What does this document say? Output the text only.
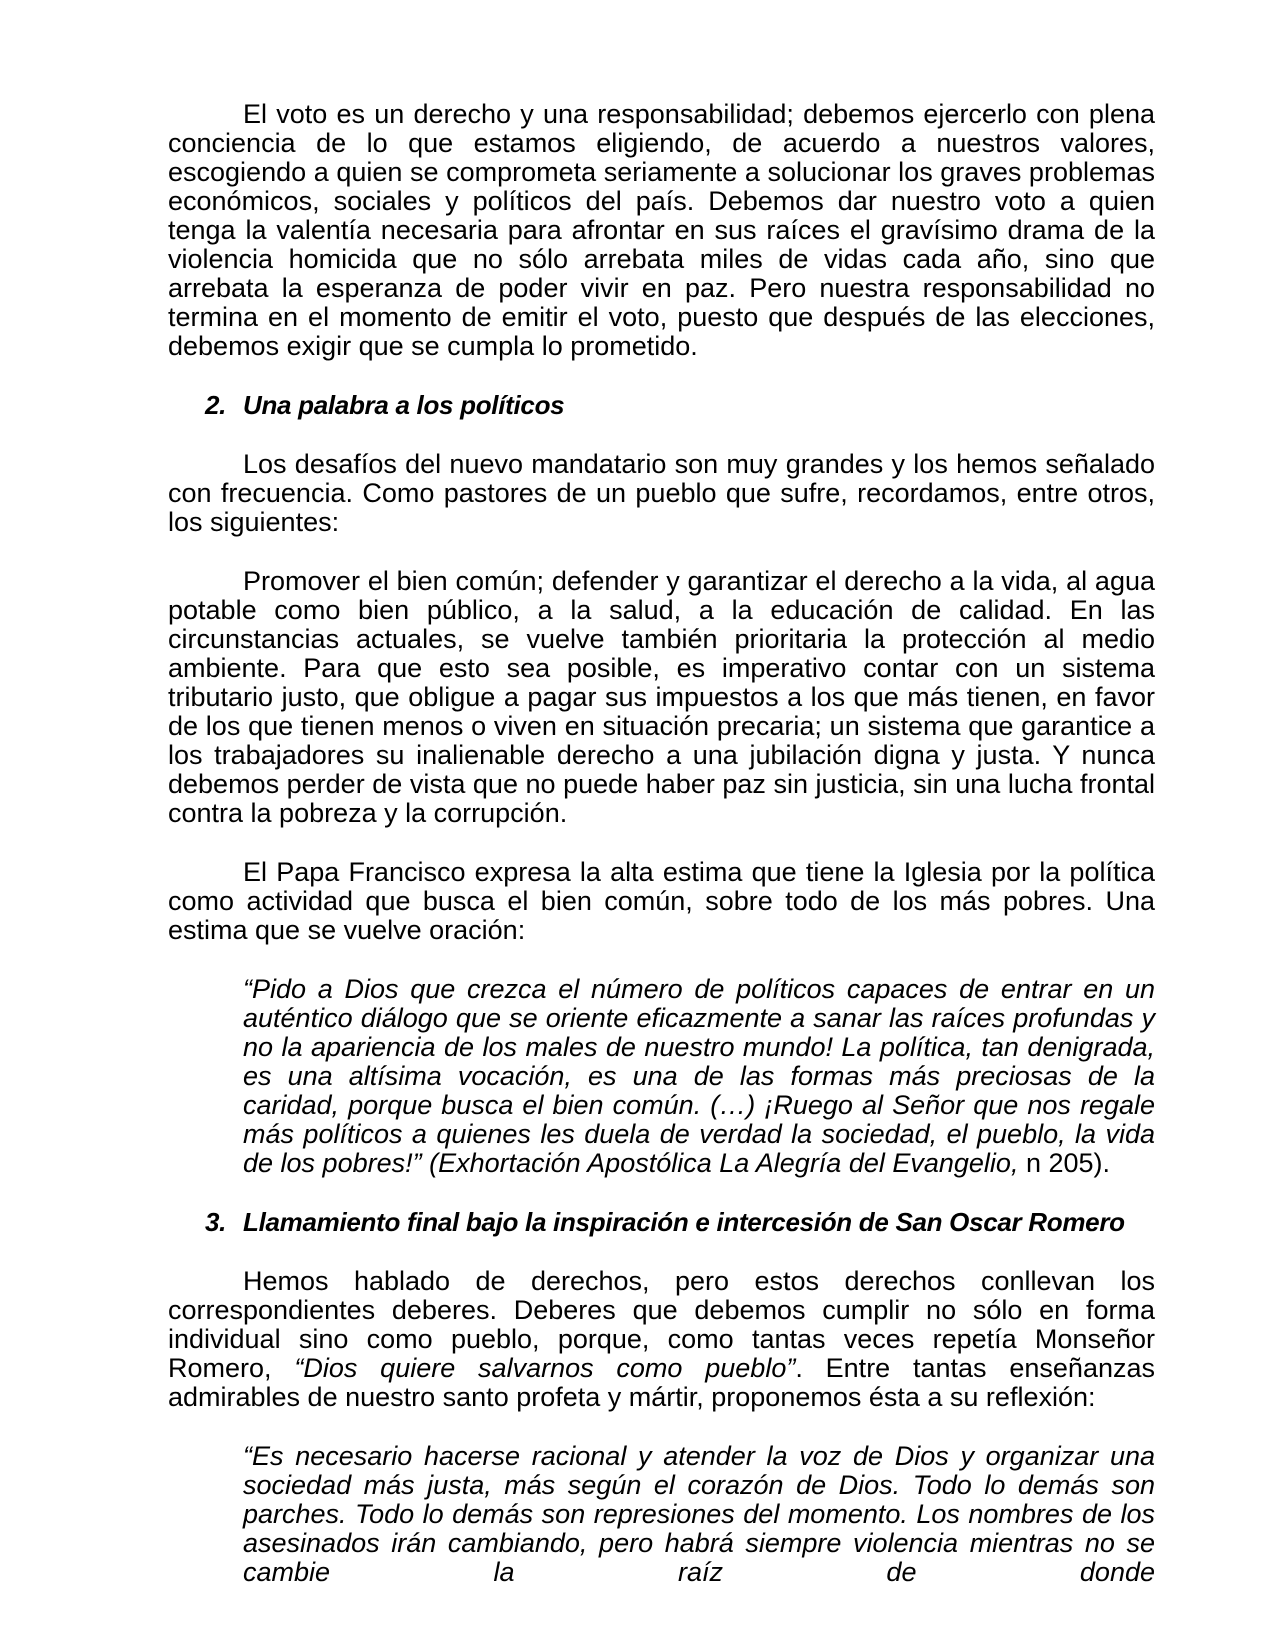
El voto es un derecho y una responsabilidad; debemos ejercerlo con plena conciencia de lo que estamos eligiendo, de acuerdo a nuestros valores, escogiendo a quien se comprometa seriamente a solucionar los graves problemas económicos, sociales y políticos del país. Debemos dar nuestro voto a quien tenga la valentía necesaria para afrontar en sus raíces el gravísimo drama de la violencia homicida que no sólo arrebata miles de vidas cada año, sino que arrebata la esperanza de poder vivir en paz. Pero nuestra responsabilidad no termina en el momento de emitir el voto, puesto que después de las elecciones, debemos exigir que se cumpla lo prometido.

2. Una palabra a los políticos

Los desafíos del nuevo mandatario son muy grandes y los hemos señalado con frecuencia. Como pastores de un pueblo que sufre, recordamos, entre otros, los siguientes:

Promover el bien común; defender y garantizar el derecho a la vida, al agua potable como bien público, a la salud, a la educación de calidad. En las circunstancias actuales, se vuelve también prioritaria la protección al medio ambiente. Para que esto sea posible, es imperativo contar con un sistema tributario justo, que obligue a pagar sus impuestos a los que más tienen, en favor de los que tienen menos o viven en situación precaria; un sistema que garantice a los trabajadores su inalienable derecho a una jubilación digna y justa. Y nunca debemos perder de vista que no puede haber paz sin justicia, sin una lucha frontal contra la pobreza y la corrupción.

El Papa Francisco expresa la alta estima que tiene la Iglesia por la política como actividad que busca el bien común, sobre todo de los más pobres. Una estima que se vuelve oración:

“Pido a Dios que crezca el número de políticos capaces de entrar en un auténtico diálogo que se oriente eficazmente a sanar las raíces profundas y no la apariencia de los males de nuestro mundo! La política, tan denigrada, es una altísima vocación, es una de las formas más preciosas de la caridad, porque busca el bien común. (…) ¡Ruego al Señor que nos regale más políticos a quienes les duela de verdad la sociedad, el pueblo, la vida de los pobres!” (Exhortación Apostólica La Alegría del Evangelio, n 205).

3. Llamamiento final bajo la inspiración e intercesión de San Oscar Romero

Hemos hablado de derechos, pero estos derechos conllevan los correspondientes deberes. Deberes que debemos cumplir no sólo en forma individual sino como pueblo, porque, como tantas veces repetía Monseñor Romero, “Dios quiere salvarnos como pueblo”. Entre tantas enseñanzas admirables de nuestro santo profeta y mártir, proponemos ésta a su reflexión:

“Es necesario hacerse racional y atender la voz de Dios y organizar una sociedad más justa, más según el corazón de Dios. Todo lo demás son parches. Todo lo demás son represiones del momento. Los nombres de los asesinados irán cambiando, pero habrá siempre violencia mientras no se cambie la raíz de donde
